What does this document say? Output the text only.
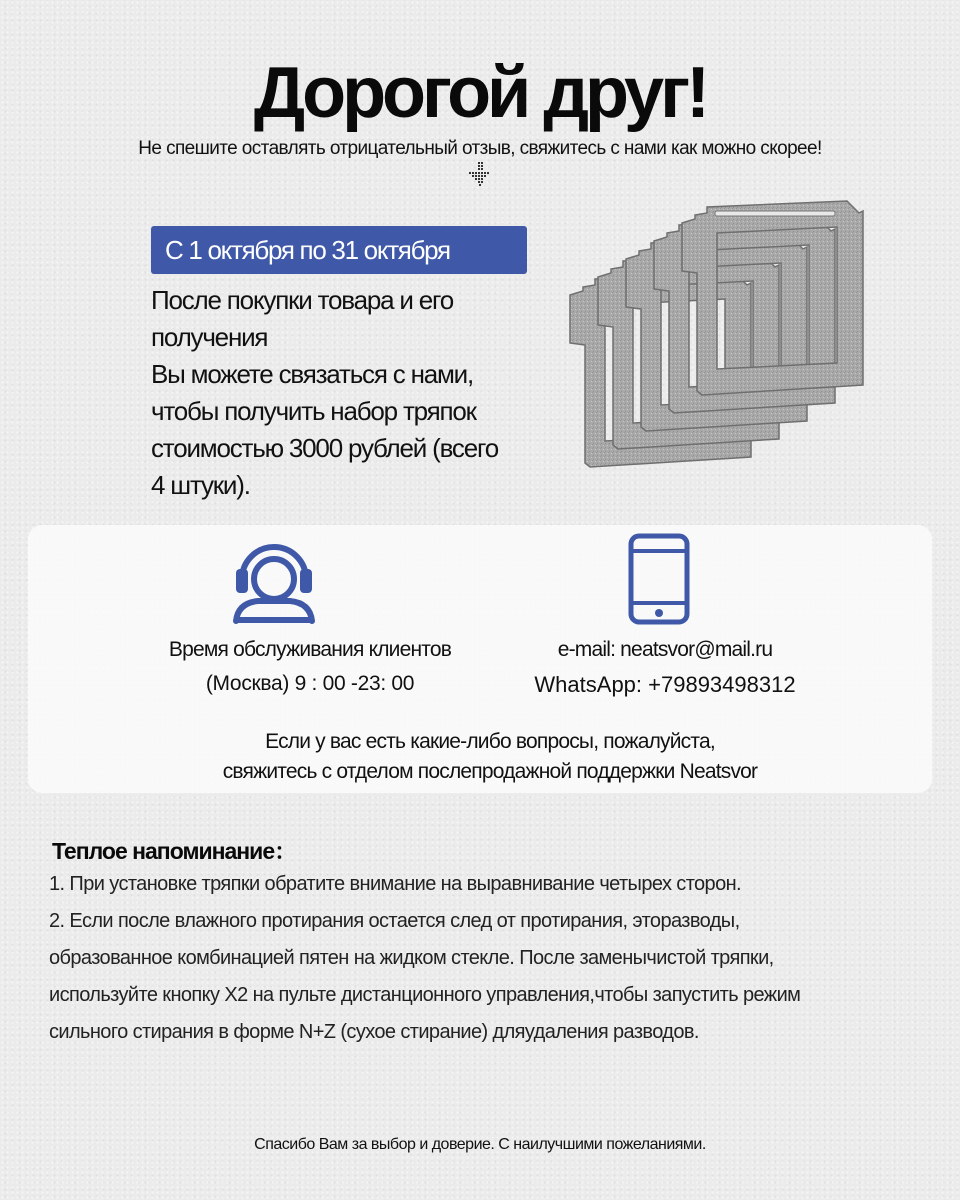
Дорогой друг!
Не спешите оставлять отрицательный отзыв, свяжитесь с нами как можно скорее!
С 1 октября по 31 октября
После покупки товара и его
получения
Вы можете связаться с нами,
чтобы получить набор тряпок
стоимостью 3000 рублей (всего
4 штуки).
Время обслуживания клиентов
(Москва) 9 : 00 -23: 00
e-mail: neatsvor@mail.ru
WhatsApp: +79893498312
Если у вас есть какие-либо вопросы, пожалуйста,
свяжитесь с отделом послепродажной поддержки Neatsvor
Теплое напоминание：
1. При установке тряпки обратите внимание на выравнивание четырех сторон.
2. Если после влажного протирания остается след от протирания, эторазводы,
образованное комбинацией пятен на жидком стекле. После заменычистой тряпки,
используйте кнопку X2 на пульте дистанционного управления,чтобы запустить режим
сильного стирания в форме N+Z (сухое стирание) дляудаления разводов.
Спасибо Вам за выбор и доверие. С наилучшими пожеланиями.
